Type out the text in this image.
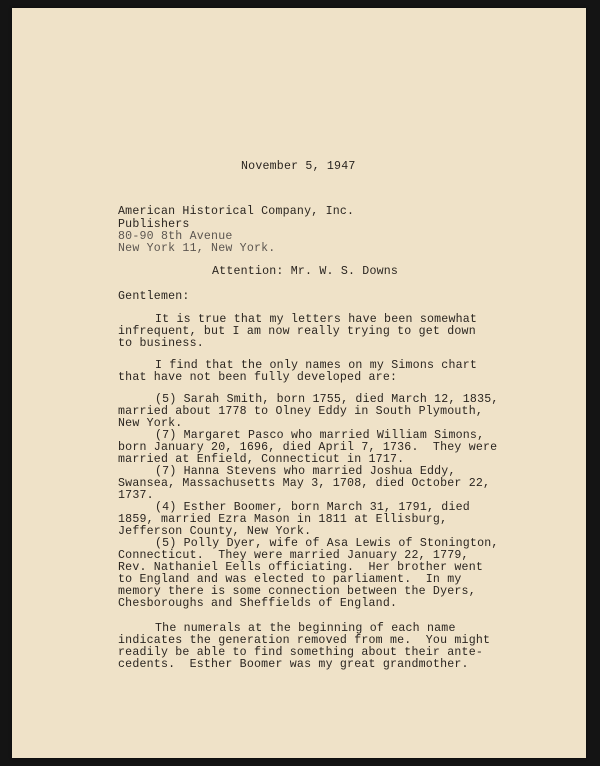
November 5, 1947
American Historical Company, Inc.
Publishers
80-90 8th Avenue
New York 11, New York.
Attention: Mr. W. S. Downs
Gentlemen:
It is true that my letters have been somewhat
infrequent, but I am now really trying to get down
to business.
I find that the only names on my Simons chart
that have not been fully developed are:
(5) Sarah Smith, born 1755, died March 12, 1835,
married about 1778 to Olney Eddy in South Plymouth,
New York.
(7) Margaret Pasco who married William Simons,
born January 20, 1696, died April 7, 1736.  They were
married at Enfield, Connecticut in 1717.
(7) Hanna Stevens who married Joshua Eddy,
Swansea, Massachusetts May 3, 1708, died October 22,
1737.
(4) Esther Boomer, born March 31, 1791, died
1859, married Ezra Mason in 1811 at Ellisburg,
Jefferson County, New York.
(5) Polly Dyer, wife of Asa Lewis of Stonington,
Connecticut.  They were married January 22, 1779,
Rev. Nathaniel Eells officiating.  Her brother went
to England and was elected to parliament.  In my
memory there is some connection between the Dyers,
Chesboroughs and Sheffields of England.
The numerals at the beginning of each name
indicates the generation removed from me.  You might
readily be able to find something about their ante-
cedents.  Esther Boomer was my great grandmother.
